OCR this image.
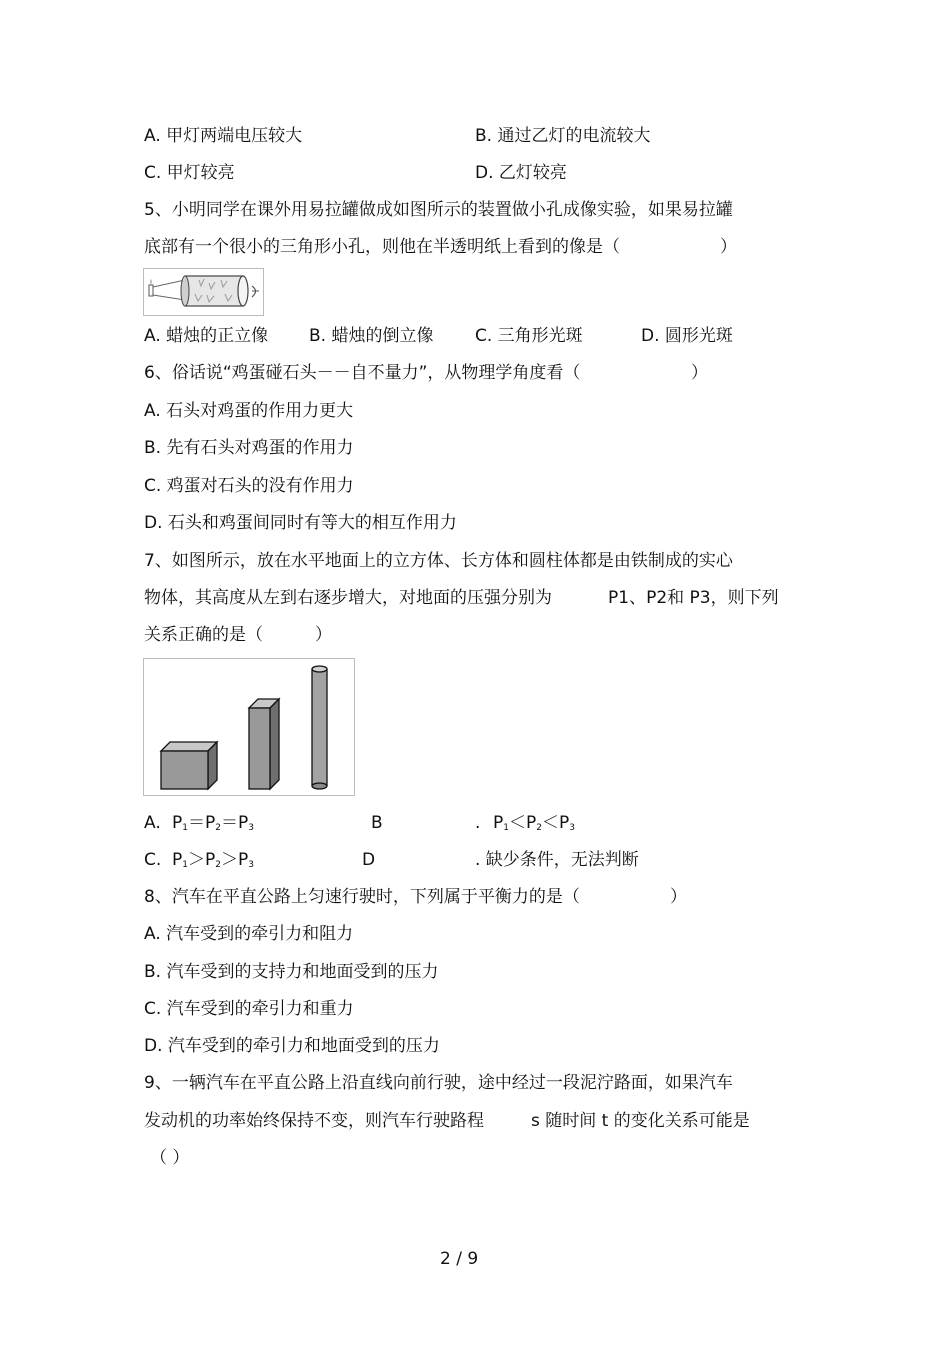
A. 甲灯两端电压较大	B. 通过乙灯的电流较大
C. 甲灯较亮	D. 乙灯较亮
5、小明同学在课外用易拉罐做成如图所示的装置做小孔成像实验，如果易拉罐
底部有一个很小的三角形小孔，则他在半透明纸上看到的像是（	）
A. 蜡烛的正立像 B. 蜡烛的倒立像 C. 三角形光斑	D. 圆形光斑
6、俗话说“鸡蛋碰石头－－自不量力”，从物理学角度看（	）
A. 石头对鸡蛋的作用力更大
B. 先有石头对鸡蛋的作用力
C. 鸡蛋对石头的没有作用力
D. 石头和鸡蛋间同时有等大的相互作用力
7、如图所示，放在水平地面上的立方体、长方体和圆柱体都是由铁制成的实心
物体，其高度从左到右逐步增大，对地面的压强分别为	P1、P2和 P3，则下列
关系正确的是（	）
A. $P_1=P_2=P_3$	B	. $P_1<P_2<P_3$
C. $P_1>P_2>P_3$	D	. 缺少条件，无法判断
8、汽车在平直公路上匀速行驶时，下列属于平衡力的是（	）
A. 汽车受到的牵引力和阻力
B. 汽车受到的支持力和地面受到的压力
C. 汽车受到的牵引力和重力
D. 汽车受到的牵引力和地面受到的压力
9、一辆汽车在平直公路上沿直线向前行驶，途中经过一段泥泞路面，如果汽车
发动机的功率始终保持不变，则汽车行驶路程	s 随时间 t 的变化关系可能是
（ ）
2 / 9
